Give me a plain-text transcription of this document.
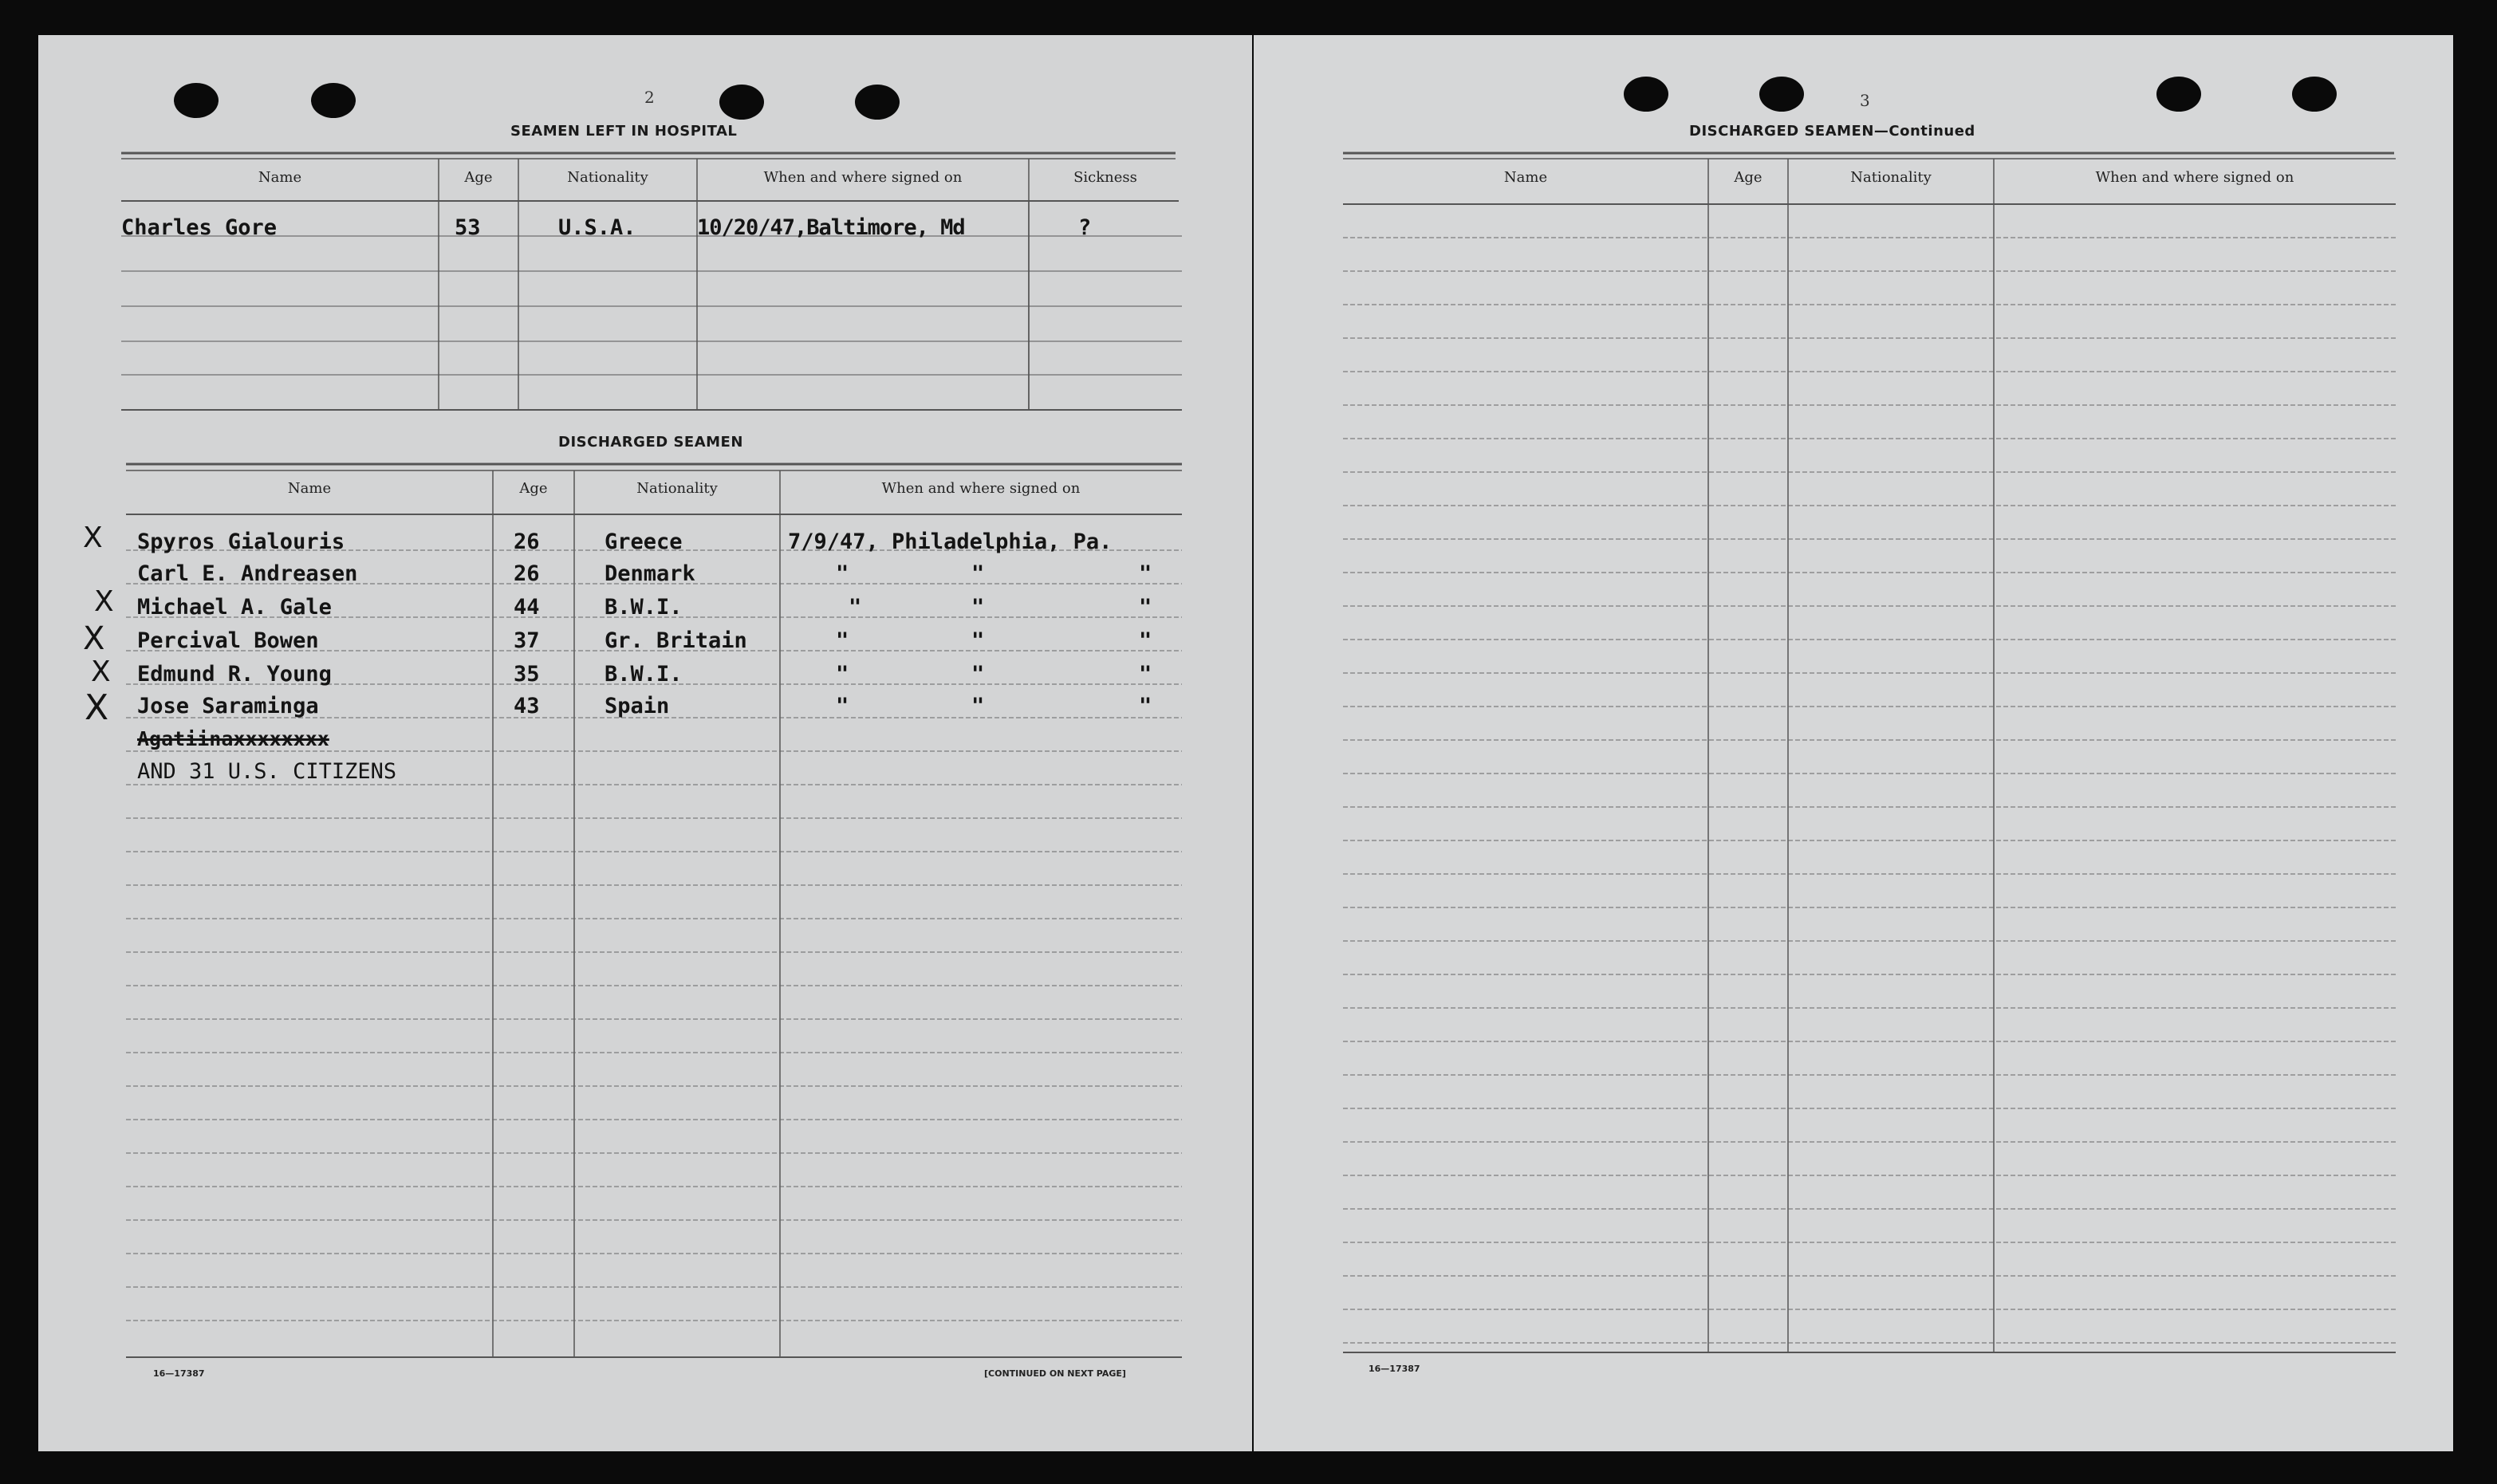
2
SEAMEN LEFT IN HOSPITAL
Name	Age	Nationality	When and where signed on	Sickness
Charles Gore	53	U.S.A.	10/20/47,Baltimore, Md	?
DISCHARGED SEAMEN
Name	Age	Nationality	When and where signed on
X Spyros Gialouris	26	Greece	7/9/47, Philadelphia, Pa.
Carl E. Andreasen	26	Denmark	"	"	"
X Michael A. Gale	44	B.W.I.	"	"	"
X Percival Bowen	37	Gr. Britain	"	"	"
X Edmund R. Young	35	B.W.I.	"	"	"
X Jose Saraminga	43	Spain	"	"	"
Agatiinaxxxxxxxx
AND 31 U.S. CITIZENS
16—17387	[CONTINUED ON NEXT PAGE]
3
DISCHARGED SEAMEN—Continued
Name	Age	Nationality	When and where signed on
16—17387
